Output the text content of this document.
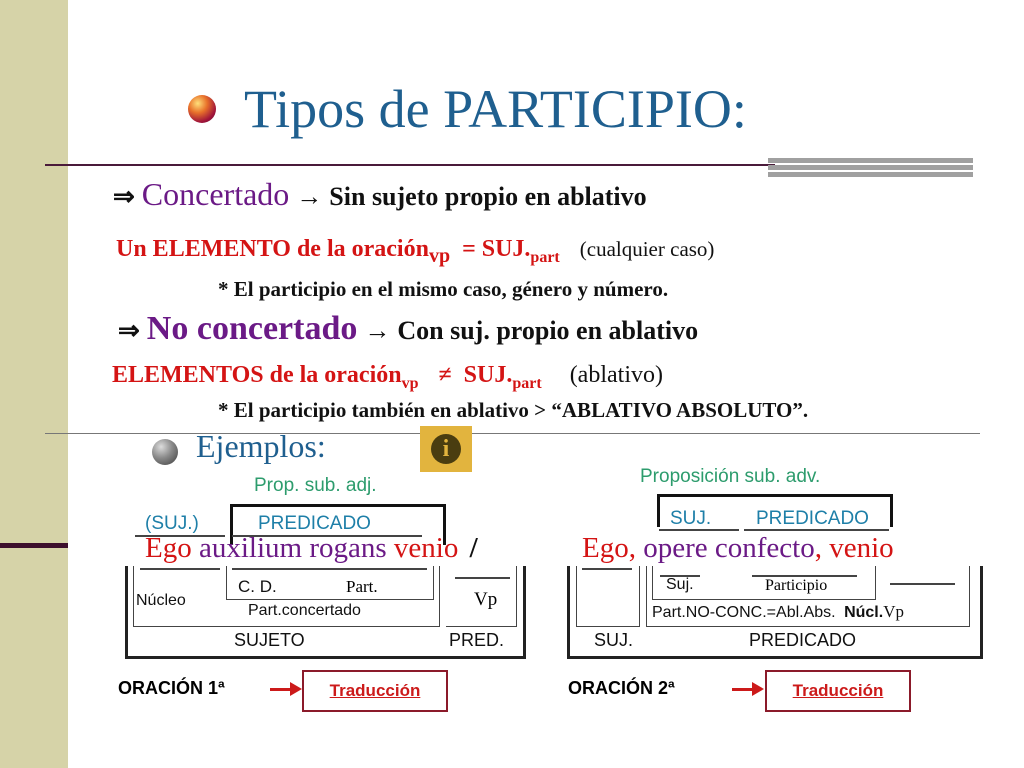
Tipos de PARTICIPIO:
⇒ Concertado → Sin sujeto propio en ablativo
Un ELEMENTO de la oración$_{vp}$ = $SUJ._{part}$ (cualquier caso)
* El participio en el mismo caso, género y número.
⇒ No concertado → Con suj. propio en ablativo
ELEMENTOS de la oración$_{vp}$ ≠ $SUJ._{part}$ (ablativo)
* El participio también en ablativo > “ABLATIVO ABSOLUTO”.
Ejemplos:	i
Prop. sub. adj.
(SUJ.)	PREDICADO
Ego auxilium rogans venio /
C. D.	Part.
Núcleo
Part.concertado
Vp
SUJETO	PRED.
ORACIÓN 1ª	Traducción
Proposición sub. adv.
SUJ. PREDICADO
Ego, opere confecto, venio
Suj.	Participio
Part.NO-CONC.=Abl.Abs. Núcl.Vp
SUJ.	PREDICADO
ORACIÓN 2ª	Traducción
